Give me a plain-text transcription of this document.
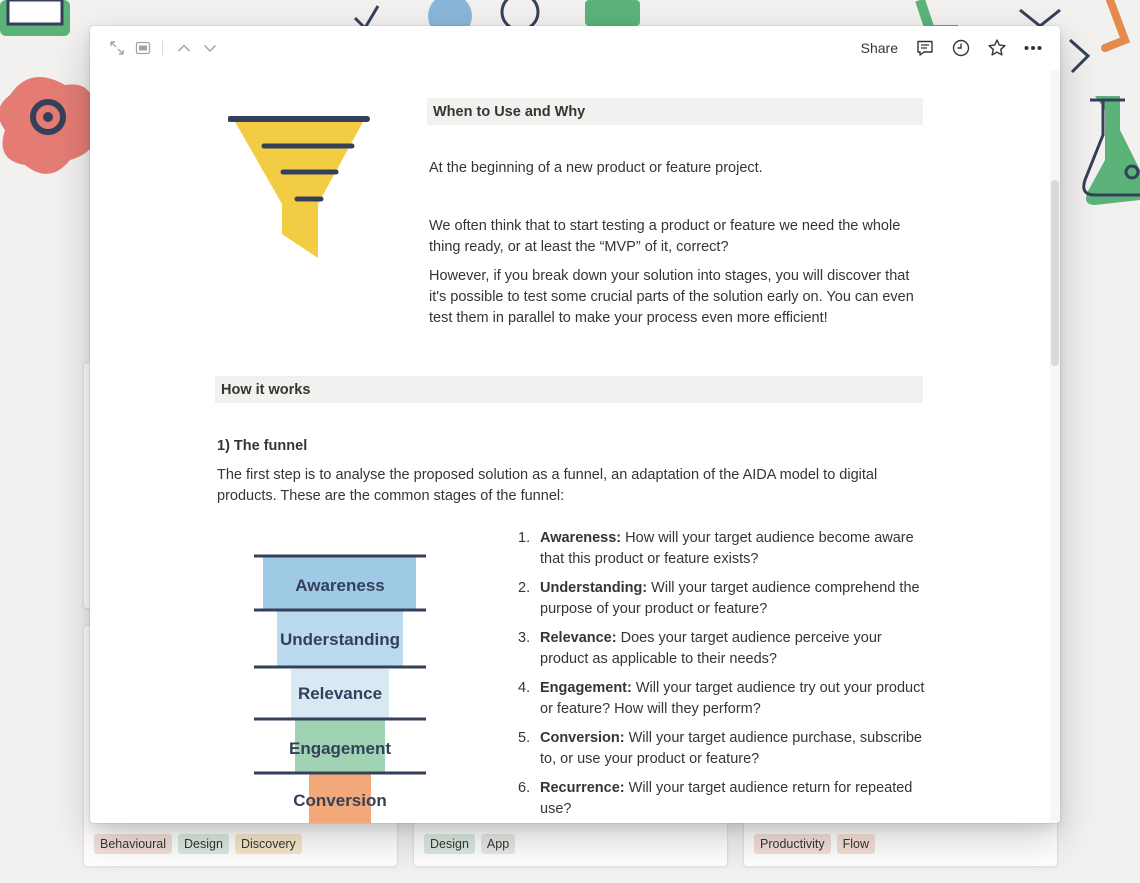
Behavioural	Design	Discovery	Design	App	Productivity	Flow
Share
When to Use and Why
At the beginning of a new product or feature project.
We often think that to start testing a product or feature we need the whole thing ready, or at least the “MVP” of it, correct?
However, if you break down your solution into stages, you will discover that it's possible to test some crucial parts of the solution early on. You can even test them in parallel to make your process even more efficient!
How it works
1) The funnel
The first step is to analyse the proposed solution as a funnel, an adaptation of the AIDA model to digital products. These are the common stages of the funnel:
Awareness
Understanding
Relevance
Engagement
Conversion
1. Awareness: How will your target audience become aware that this product or feature exists?
2. Understanding: Will your target audience comprehend the purpose of your product or feature?
3. Relevance: Does your target audience perceive your product as applicable to their needs?
4. Engagement: Will your target audience try out your product or feature? How will they perform?
5. Conversion: Will your target audience purchase, subscribe to, or use your product or feature?
6. Recurrence: Will your target audience return for repeated use?
